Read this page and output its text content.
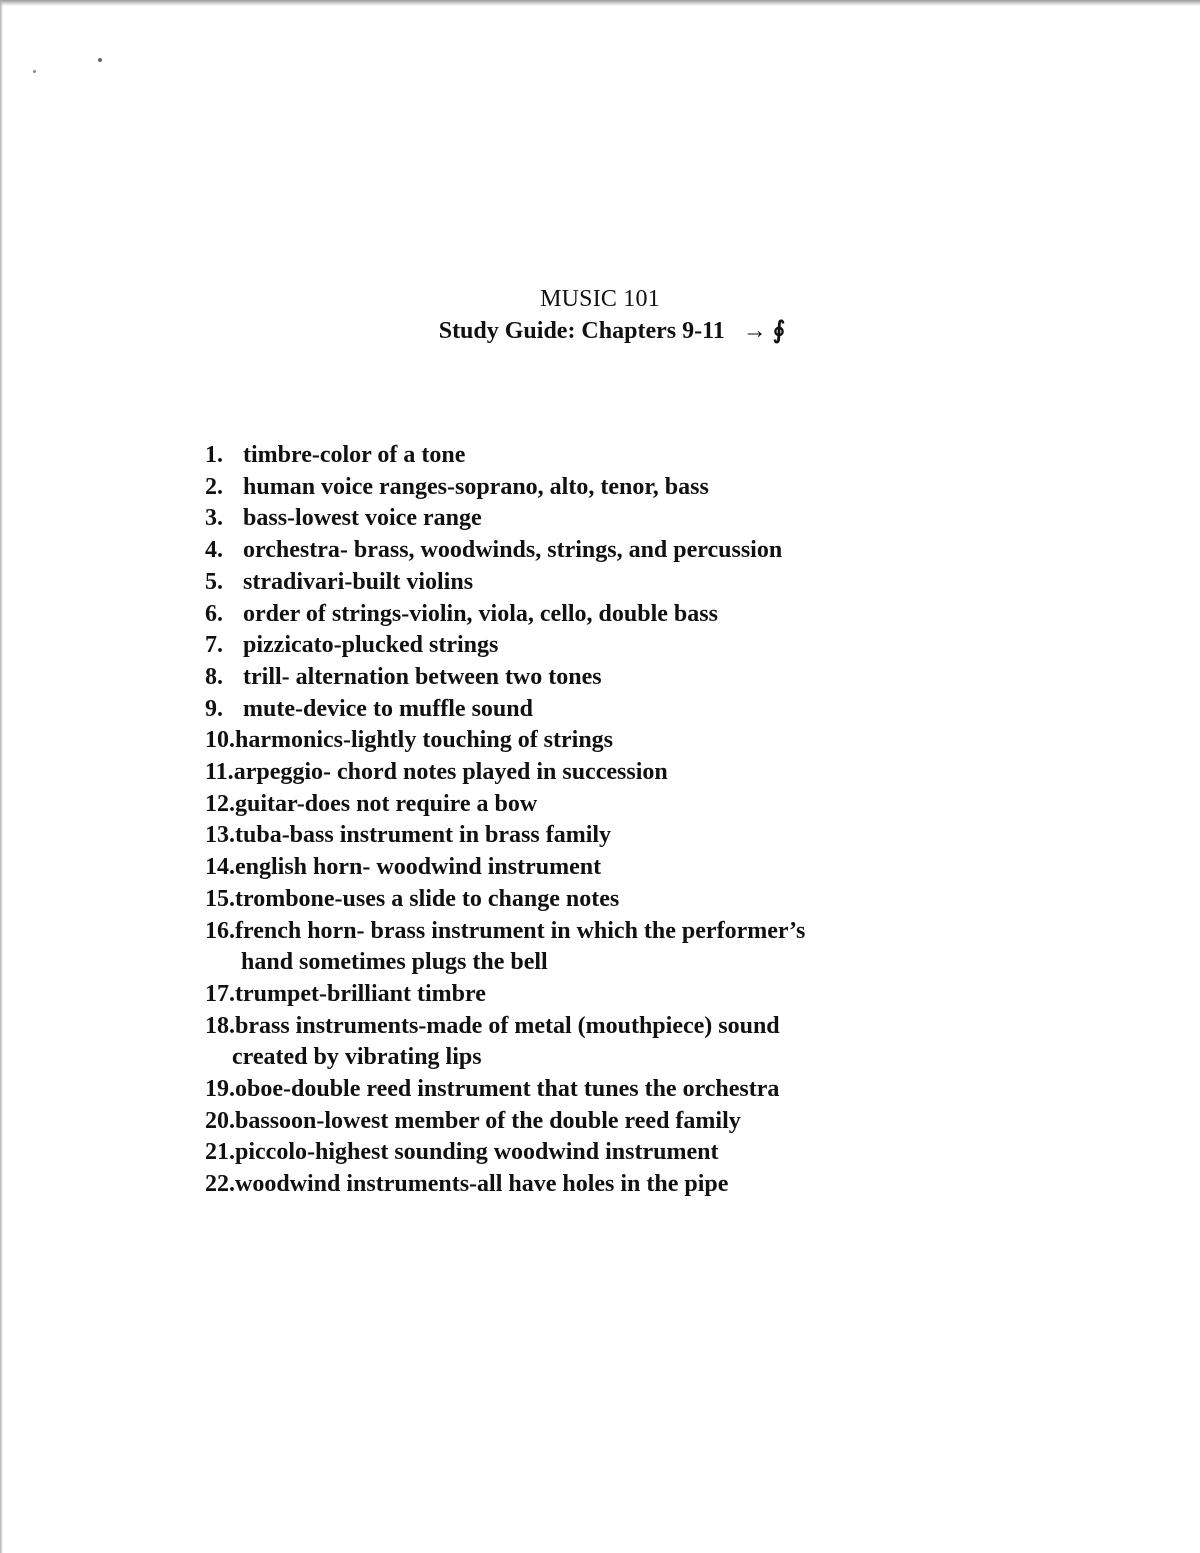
MUSIC 101

Study Guide: Chapters 9-11 → ∮

1. timbre-color of a tone
2. human voice ranges-soprano, alto, tenor, bass
3. bass-lowest voice range
4. orchestra- brass, woodwinds, strings, and percussion
5. stradivari-built violins
6. order of strings-violin, viola, cello, double bass
7. pizzicato-plucked strings
8. trill- alternation between two tones
9. mute-device to muffle sound
10.harmonics-lightly touching of strings
11.arpeggio- chord notes played in succession
12.guitar-does not require a bow
13.tuba-bass instrument in brass family
14.english horn- woodwind instrument
15.trombone-uses a slide to change notes
16.french horn- brass instrument in which the performer’s
hand sometimes plugs the bell
17.trumpet-brilliant timbre
18.brass instruments-made of metal (mouthpiece) sound
created by vibrating lips
19.oboe-double reed instrument that tunes the orchestra
20.bassoon-lowest member of the double reed family
21.piccolo-highest sounding woodwind instrument
22.woodwind instruments-all have holes in the pipe
